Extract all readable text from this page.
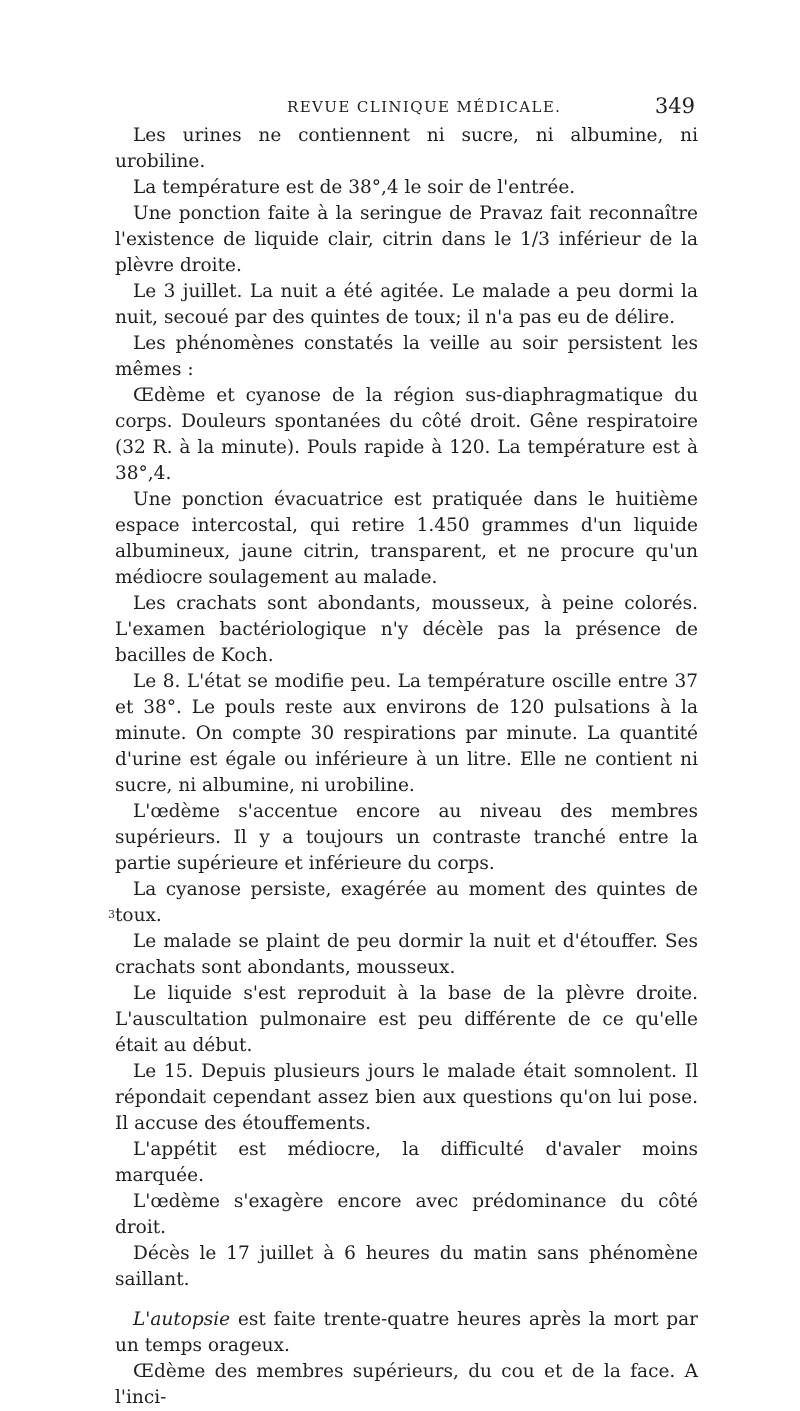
REVUE CLINIQUE MÉDICALE.	349
3

Les urines ne contiennent ni sucre, ni albumine, ni urobiline.

La température est de 38°,4 le soir de l'entrée.

Une ponction faite à la seringue de Pravaz fait reconnaître l'existence de liquide clair, citrin dans le 1/3 inférieur de la plèvre droite.

Le 3 juillet. La nuit a été agitée. Le malade a peu dormi la nuit, secoué par des quintes de toux; il n'a pas eu de délire.

Les phénomènes constatés la veille au soir persistent les mêmes :

Œdème et cyanose de la région sus-diaphragmatique du corps. Douleurs spontanées du côté droit. Gêne respiratoire (32 R. à la minute). Pouls rapide à 120. La température est à 38°,4.

Une ponction évacuatrice est pratiquée dans le huitième espace intercostal, qui retire 1.450 grammes d'un liquide albumineux, jaune citrin, transparent, et ne procure qu'un médiocre soulagement au malade.

Les crachats sont abondants, mousseux, à peine colorés. L'examen bactériologique n'y décèle pas la présence de bacilles de Koch.

Le 8. L'état se modifie peu. La température oscille entre 37 et 38°. Le pouls reste aux environs de 120 pulsations à la minute. On compte 30 respirations par minute. La quantité d'urine est égale ou inférieure à un litre. Elle ne contient ni sucre, ni albumine, ni urobiline.

L'œdème s'accentue encore au niveau des membres supérieurs. Il y a toujours un contraste tranché entre la partie supérieure et inférieure du corps.

La cyanose persiste, exagérée au moment des quintes de toux.

Le malade se plaint de peu dormir la nuit et d'étouffer. Ses crachats sont abondants, mousseux.

Le liquide s'est reproduit à la base de la plèvre droite. L'auscultation pulmonaire est peu différente de ce qu'elle était au début.

Le 15. Depuis plusieurs jours le malade était somnolent. Il répondait cependant assez bien aux questions qu'on lui pose. Il accuse des étouffements.

L'appétit est médiocre, la difficulté d'avaler moins marquée.

L'œdème s'exagère encore avec prédominance du côté droit.

Décès le 17 juillet à 6 heures du matin sans phénomène saillant.

L'autopsie est faite trente-quatre heures après la mort par un temps orageux.

Œdème des membres supérieurs, du cou et de la face. A l'inci-
